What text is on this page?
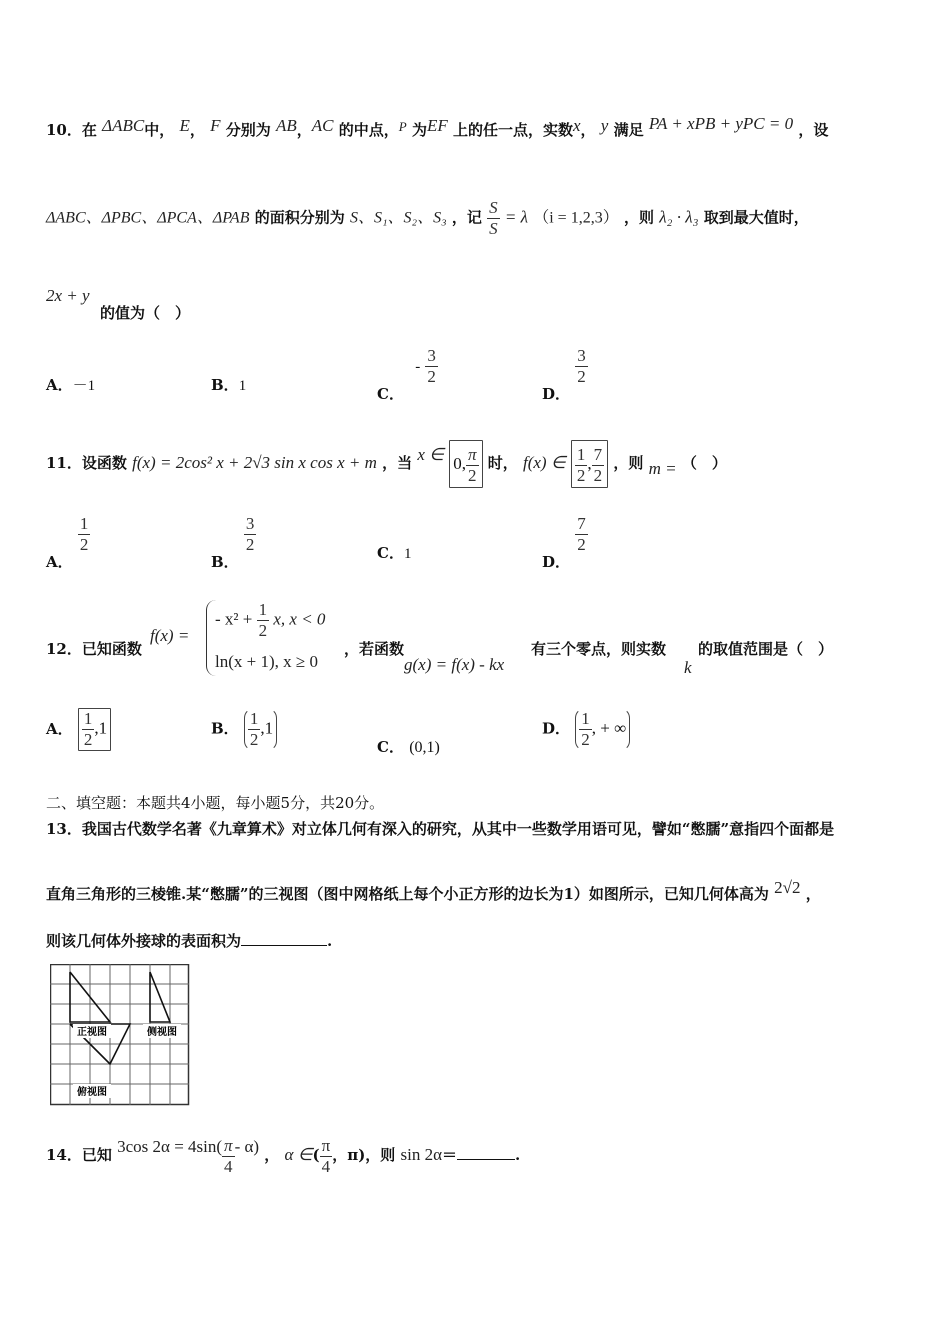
10．在 ΔABC中， E， F 分别为 AB，AC 的中点，P 为EF 上的任一点，实数x， y 满足 PA + xPB + yPC = 0 ，设
ΔABC、ΔPBC、ΔPCA、ΔPAB 的面积分别为 S、S₁、S₂、S₃ ，记 $\frac{S}{S} = \lambda$ （i = 1,2,3） ，则 λ₂ · λ₃ 取到最大值时，
2x + y
的值为（　）
A．－1	B．1	C． - $\frac{3}{2}$
D．
$\frac{3}{2}$
11．设函数 f(x) = 2cos² x + 2√3 sin x cos x + m ，当 x ∈ 0, $\frac{\pi}{2}$ 时， f(x) ∈ $\frac{1}{2}$ , $\frac{7}{2}$ ，则 m = （　）
A．
$\frac{1}{2}$
B．
$\frac{3}{2}$	C．1	D．
$\frac{7}{2}$
12．已知函数
f(x) =
- $x^2 + \frac{1}{2} x$, x < 0
ln(x + 1), x ≥ 0
，若函数
g(x) = f(x) - kx
有三个零点，则实数
k
的取值范围是（　）
A． $\frac{1}{2} ,1$	B． $\frac{1}{2} ,1$
C． (0,1)
D． $\frac{1}{2}$ , + ∞
二、填空题：本题共4小题，每小题5分，共20分。
13．我国古代数学名著《九章算术》对立体几何有深入的研究，从其中一些数学用语可见，譬如“憋臑”意指四个面都是
直角三角形的三棱锥.某“憋臑”的三视图（图中网格纸上每个小正方形的边长为1）如图所示，已知几何体高为 2√2 ，
则该几何体外接球的表面积为	.
正视图	侧视图
俯视图
14．已知 3cos $2\alpha = 4\sin( \frac{\pi}{4} - \alpha)$ ， α ∈( $\frac{\pi}{4}$ ，π)，则 sin 2α＝	.
